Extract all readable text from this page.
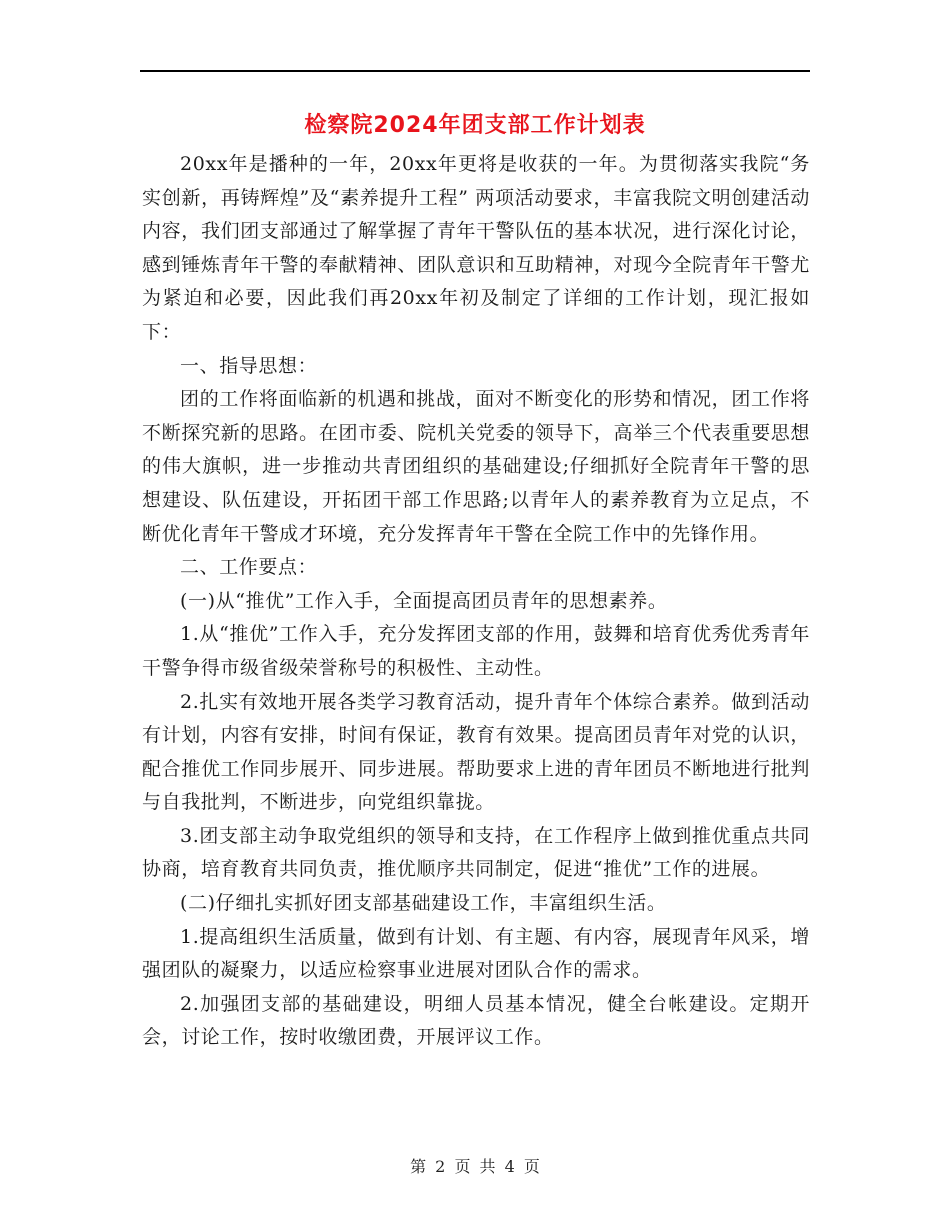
检察院2024年团支部工作计划表

20xx年是播种的一年，20xx年更将是收获的一年。为贯彻落实我院“务实创新，再铸辉煌”及“素养提升工程” 两项活动要求，丰富我院文明创建活动内容，我们团支部通过了解掌握了青年干警队伍的基本状况，进行深化讨论，感到锤炼青年干警的奉献精神、团队意识和互助精神，对现今全院青年干警尤为紧迫和必要，因此我们再20xx年初及制定了详细的工作计划，现汇报如下：

一、指导思想：

团的工作将面临新的机遇和挑战，面对不断变化的形势和情况，团工作将不断探究新的思路。在团市委、院机关党委的领导下，高举三个代表重要思想的伟大旗帜，进一步推动共青团组织的基础建设;仔细抓好全院青年干警的思想建设、队伍建设，开拓团干部工作思路;以青年人的素养教育为立足点，不断优化青年干警成才环境，充分发挥青年干警在全院工作中的先锋作用。

二、工作要点：

(一)从“推优”工作入手，全面提高团员青年的思想素养。

1.从“推优”工作入手，充分发挥团支部的作用，鼓舞和培育优秀优秀青年干警争得市级省级荣誉称号的积极性、主动性。

2.扎实有效地开展各类学习教育活动，提升青年个体综合素养。做到活动有计划，内容有安排，时间有保证，教育有效果。提高团员青年对党的认识，配合推优工作同步展开、同步进展。帮助要求上进的青年团员不断地进行批判与自我批判，不断进步，向党组织靠拢。

3.团支部主动争取党组织的领导和支持，在工作程序上做到推优重点共同协商，培育教育共同负责，推优顺序共同制定，促进“推优”工作的进展。

(二)仔细扎实抓好团支部基础建设工作，丰富组织生活。

1.提高组织生活质量，做到有计划、有主题、有内容，展现青年风采，增强团队的凝聚力，以适应检察事业进展对团队合作的需求。

2.加强团支部的基础建设，明细人员基本情况，健全台帐建设。定期开会，讨论工作，按时收缴团费，开展评议工作。

第 2 页 共 4 页
